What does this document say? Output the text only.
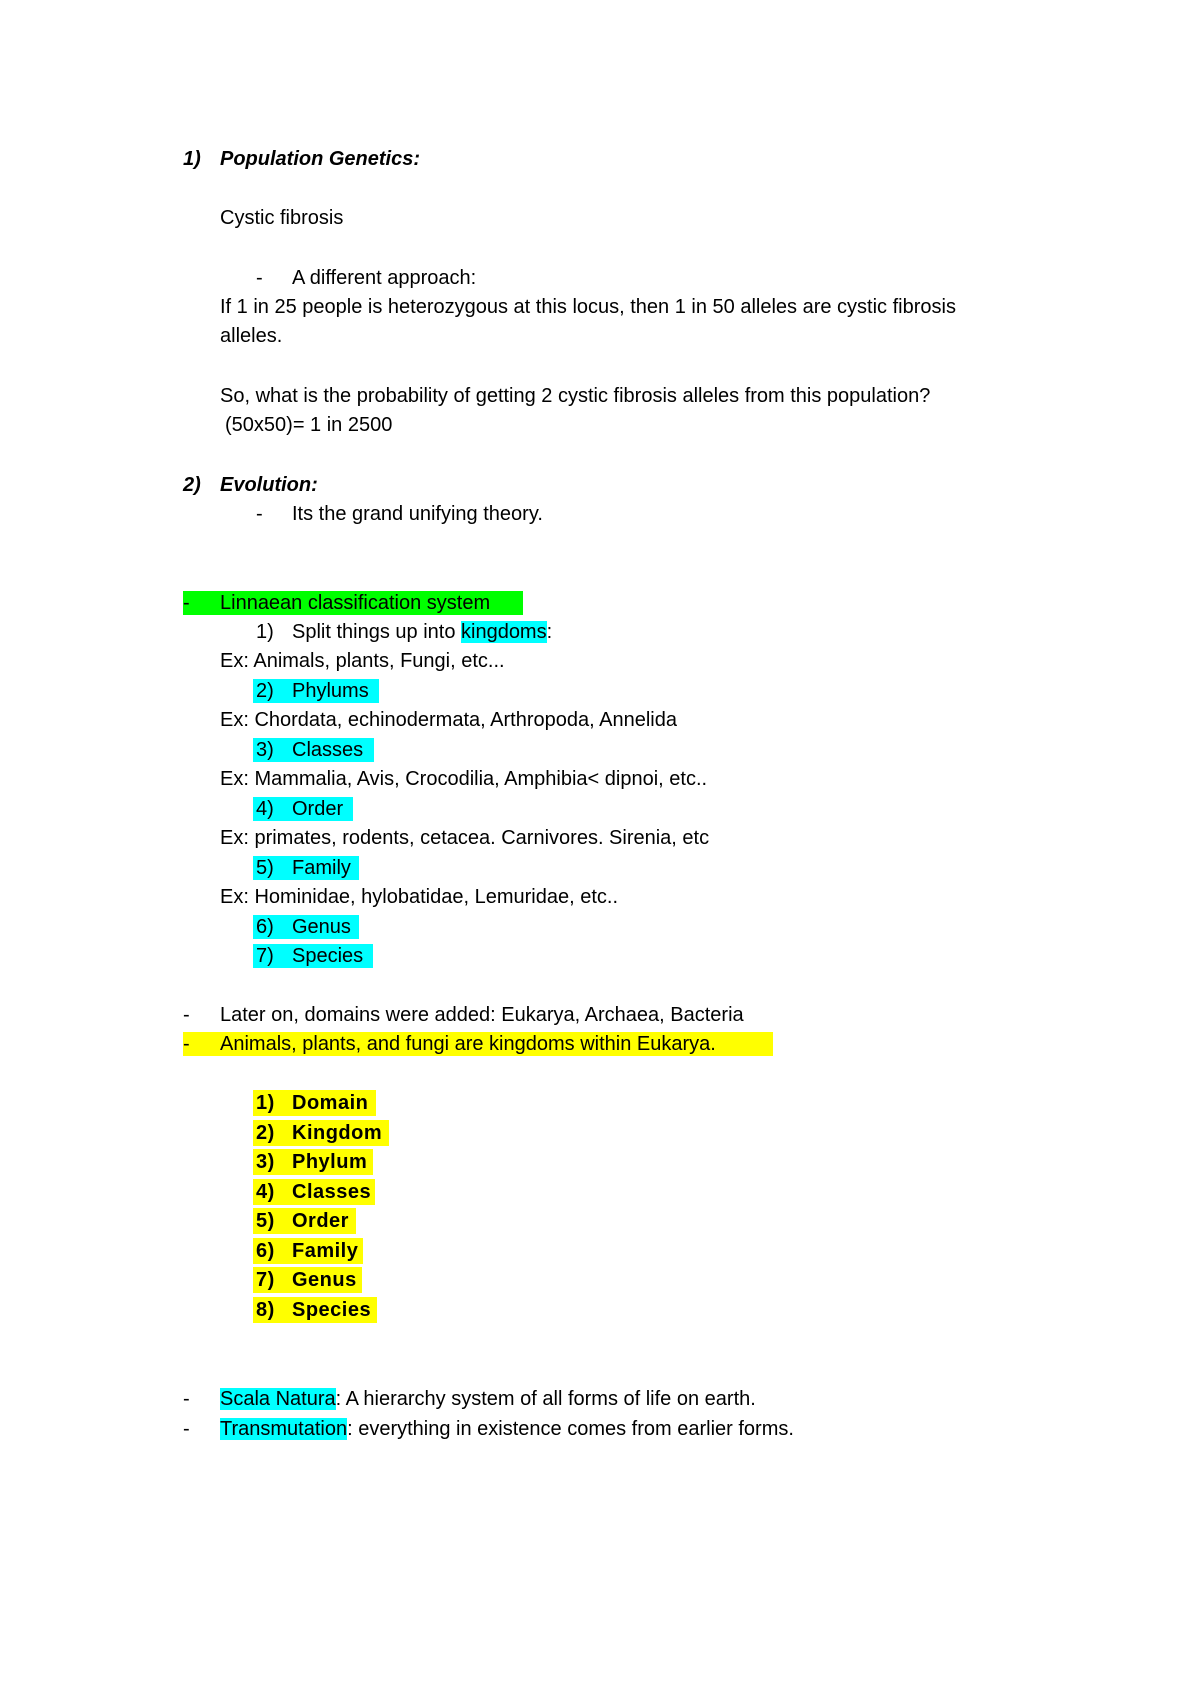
1) Population Genetics:
Cystic fibrosis
- A different approach:
If 1 in 25 people is heterozygous at this locus, then 1 in 50 alleles are cystic fibrosis
alleles.
So, what is the probability of getting 2 cystic fibrosis alleles from this population?
(50x50)= 1 in 2500
2) Evolution:
- Its the grand unifying theory.
- Linnaean classification system
1) Split things up into kingdoms:
Ex: Animals, plants, Fungi, etc...
2) Phylums
Ex: Chordata, echinodermata, Arthropoda, Annelida
3) Classes
Ex: Mammalia, Avis, Crocodilia, Amphibia< dipnoi, etc..
4) Order
Ex: primates, rodents, cetacea. Carnivores. Sirenia, etc
5) Family
Ex: Hominidae, hylobatidae, Lemuridae, etc..
6) Genus
7) Species
- Later on, domains were added: Eukarya, Archaea, Bacteria
- Animals, plants, and fungi are kingdoms within Eukarya.
1) Domain
2) Kingdom
3) Phylum
4) Classes
5) Order
6) Family
7) Genus
8) Species
- Scala Natura: A hierarchy system of all forms of life on earth.
- Transmutation: everything in existence comes from earlier forms.
